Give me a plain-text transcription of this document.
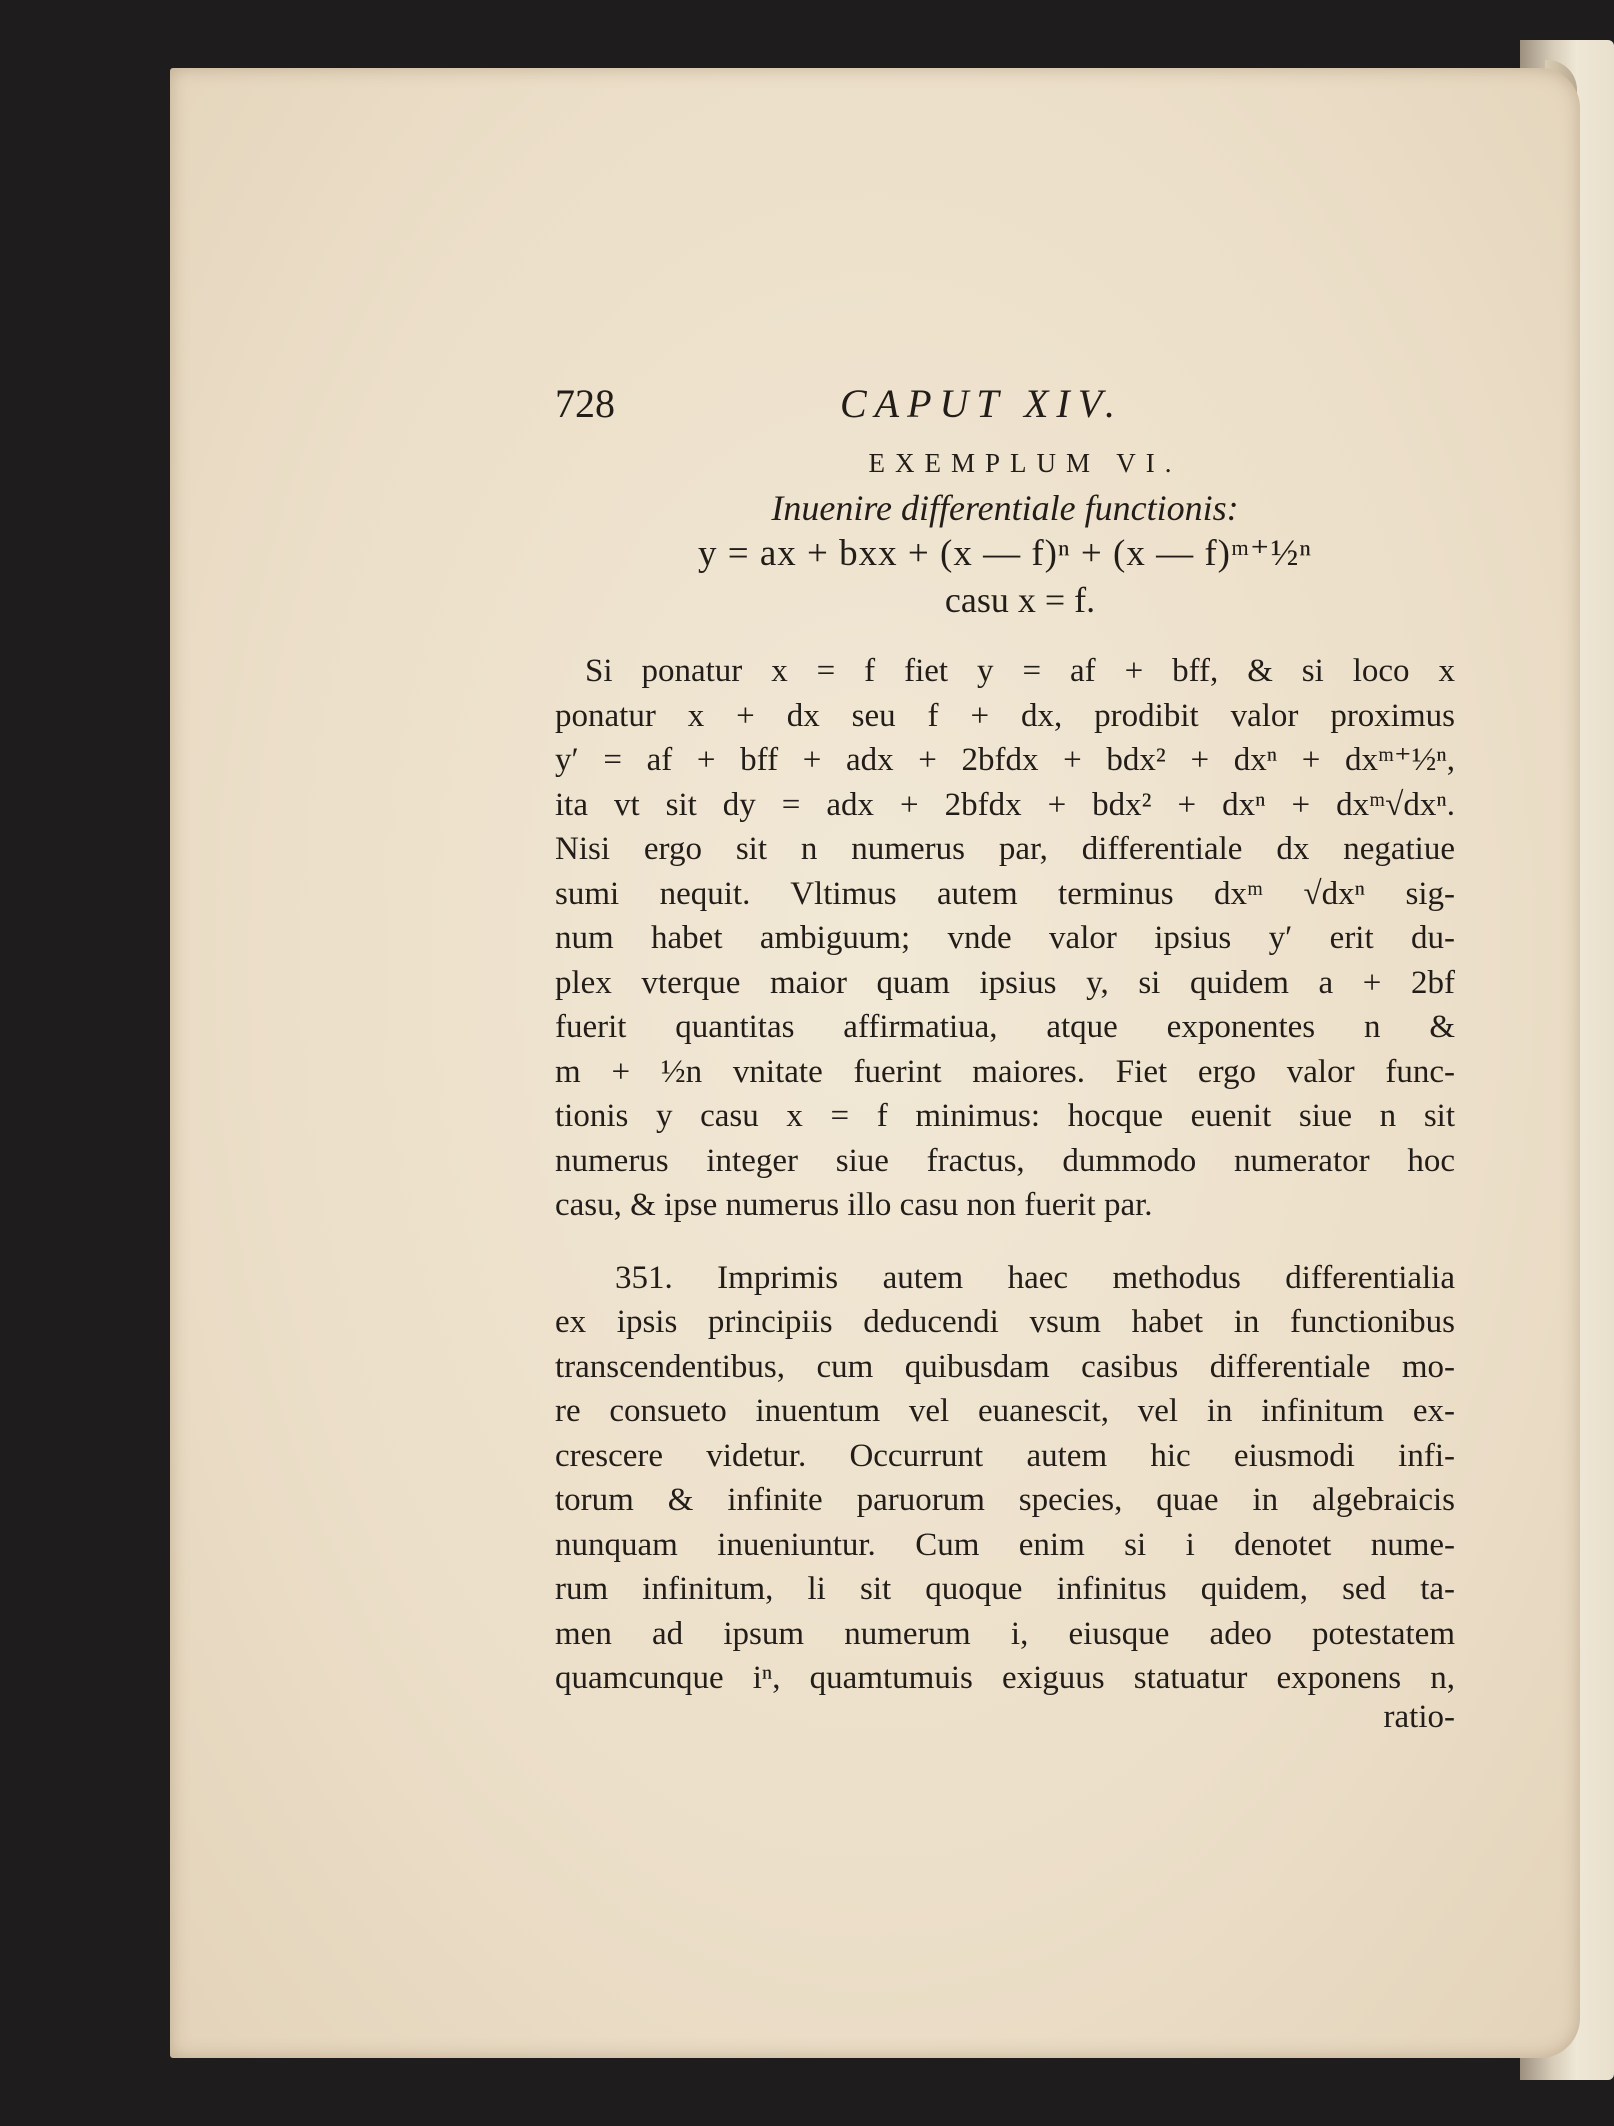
728	CAPUT XIV.
EXEMPLUM VI.
Inuenire differentiale functionis:
y = ax + bxx + (x — f)ⁿ + (x — f)ᵐ⁺½ⁿ
casu x = f.

Si ponatur x = f fiet y = af + bff, & si loco x
ponatur x + dx seu f + dx, prodibit valor proximus
y′ = af + bff + adx + 2bfdx + bdx² + dxⁿ + dxᵐ⁺½ⁿ,
ita vt sit dy = adx + 2bfdx + bdx² + dxⁿ + dxᵐ√dxⁿ.
Nisi ergo sit n numerus par, differentiale dx negatiue
sumi nequit. Vltimus autem terminus dxᵐ √dxⁿ sig-
num habet ambiguum; vnde valor ipsius y′ erit du-
plex vterque maior quam ipsius y, si quidem a + 2bf
fuerit quantitas affirmatiua, atque exponentes n &
m + ½n vnitate fuerint maiores. Fiet ergo valor func-
tionis y casu x = f minimus: hocque euenit siue n sit
numerus integer siue fractus, dummodo numerator hoc
casu, & ipse numerus illo casu non fuerit par.

351. Imprimis autem haec methodus differentialia
ex ipsis principiis deducendi vsum habet in functionibus
transcendentibus, cum quibusdam casibus differentiale mo-
re consueto inuentum vel euanescit, vel in infinitum ex-
crescere videtur. Occurrunt autem hic eiusmodi infi-
torum & infinite paruorum species, quae in algebraicis
nunquam inueniuntur. Cum enim si i denotet nume-
rum infinitum, li sit quoque infinitus quidem, sed ta-
men ad ipsum numerum i, eiusque adeo potestatem
quamcunque iⁿ, quamtumuis exiguus statuatur exponens n,

ratio-
